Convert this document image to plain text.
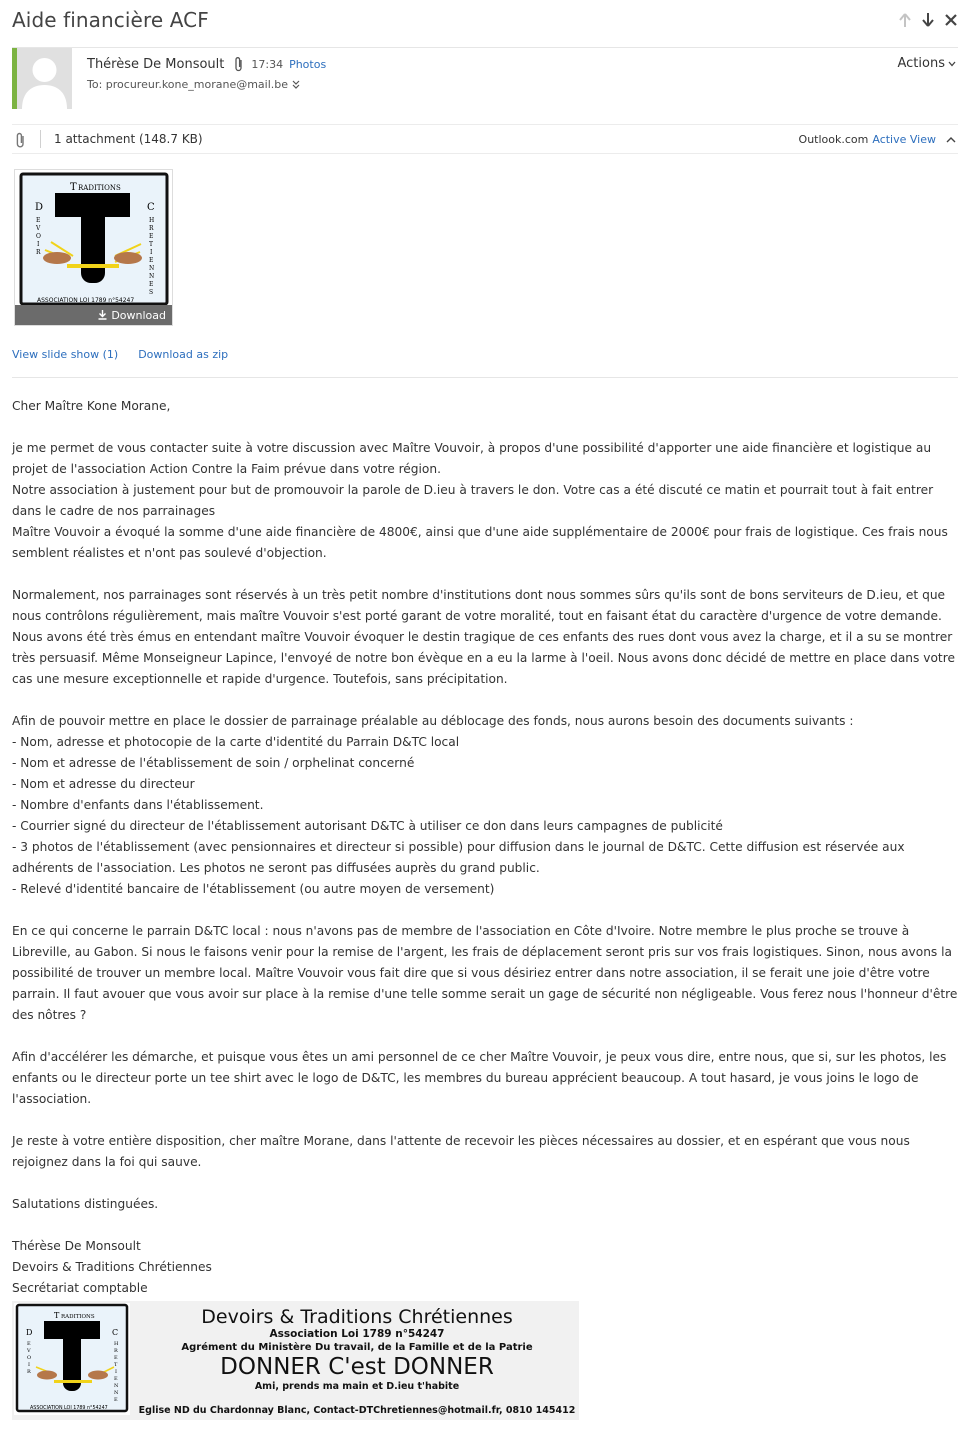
Aide financière ACF
Thérèse De Monsoult 17:34 Photos
To: procureur.kone_morane@mail.be
Actions
1 attachment (148.7 KB)	Outlook.com Active View
T RADITIONS
D
E
V
O
I
R
C
H
R
E
T
I
E
N
N
E
S
ASSOCIATION LOI 1789 n°54247
Download
View slide show (1) Download as zip

Cher Maître Kone Morane,

je me permet de vous contacter suite à votre discussion avec Maître Vouvoir, à propos d'une possibilité d'apporter une aide financière et logistique au
projet de l'association Action Contre la Faim prévue dans votre région.
Notre association à justement pour but de promouvoir la parole de D.ieu à travers le don. Votre cas a été discuté ce matin et pourrait tout à fait entrer
dans le cadre de nos parrainages
Maître Vouvoir a évoqué la somme d'une aide financière de 4800€, ainsi que d'une aide supplémentaire de 2000€ pour frais de logistique. Ces frais nous
semblent réalistes et n'ont pas soulevé d'objection.

Normalement, nos parrainages sont réservés à un très petit nombre d'institutions dont nous sommes sûrs qu'ils sont de bons serviteurs de D.ieu, et que
nous contrôlons régulièrement, mais maître Vouvoir s'est porté garant de votre moralité, tout en faisant état du caractère d'urgence de votre demande.
Nous avons été très émus en entendant maître Vouvoir évoquer le destin tragique de ces enfants des rues dont vous avez la charge, et il a su se montrer
très persuasif. Même Monseigneur Lapince, l'envoyé de notre bon évèque en a eu la larme à l'oeil. Nous avons donc décidé de mettre en place dans votre
cas une mesure exceptionnelle et rapide d'urgence. Toutefois, sans précipitation.

Afin de pouvoir mettre en place le dossier de parrainage préalable au déblocage des fonds, nous aurons besoin des documents suivants :
- Nom, adresse et photocopie de la carte d'identité du Parrain D&TC local
- Nom et adresse de l'établissement de soin / orphelinat concerné
- Nom et adresse du directeur
- Nombre d'enfants dans l'établissement.
- Courrier signé du directeur de l'établissement autorisant D&TC à utiliser ce don dans leurs campagnes de publicité
- 3 photos de l'établissement (avec pensionnaires et directeur si possible) pour diffusion dans le journal de D&TC. Cette diffusion est réservée aux
adhérents de l'association. Les photos ne seront pas diffusées auprès du grand public.
- Relevé d'identité bancaire de l'établissement (ou autre moyen de versement)

En ce qui concerne le parrain D&TC local : nous n'avons pas de membre de l'association en Côte d'Ivoire. Notre membre le plus proche se trouve à
Libreville, au Gabon. Si nous le faisons venir pour la remise de l'argent, les frais de déplacement seront pris sur vos frais logistiques. Sinon, nous avons la
possibilité de trouver un membre local. Maître Vouvoir vous fait dire que si vous désiriez entrer dans notre association, il se ferait une joie d'être votre
parrain. Il faut avouer que vous avoir sur place à la remise d'une telle somme serait un gage de sécurité non négligeable. Vous ferez nous l'honneur d'être
des nôtres ?

Afin d'accélérer les démarche, et puisque vous êtes un ami personnel de ce cher Maître Vouvoir, je peux vous dire, entre nous, que si, sur les photos, les
enfants ou le directeur porte un tee shirt avec le logo de D&TC, les membres du bureau apprécient beaucoup. A tout hasard, je vous joins le logo de
l'association.

Je reste à votre entière disposition, cher maître Morane, dans l'attente de recevoir les pièces nécessaires au dossier, et en espérant que vous nous
rejoignez dans la foi qui sauve.

Salutations distinguées.

Thérèse De Monsoult
Devoirs & Traditions Chrétiennes
Secrétariat comptable

T RADITIONS
D
E
V
O
I
R
C
H
R
E
T
I
E
N
N
E
ASSOCIATION LOI 1789 n°54247
Devoirs & Traditions Chrétiennes
Association Loi 1789 n°54247
Agrément du Ministère Du travail, de la Famille et de la Patrie
DONNER C'est DONNER
Ami, prends ma main et D.ieu t'habite
Eglise ND du Chardonnay Blanc, Contact-DTChretiennes@hotmail.fr, 0810 145412
